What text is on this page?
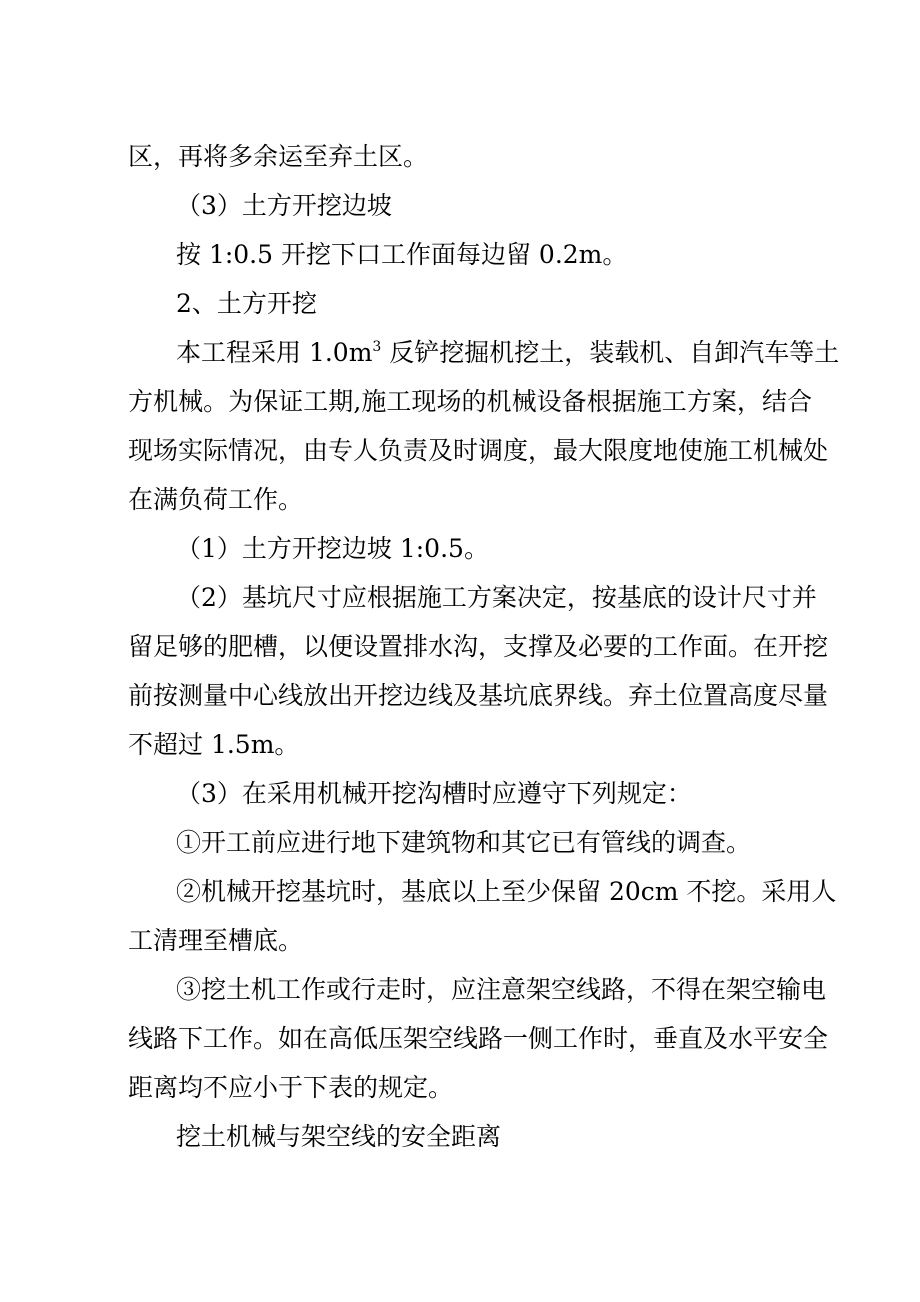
区，再将多余运至弃土区。
（3）土方开挖边坡
按 1:0.5 开挖下口工作面每边留 0.2m。
2、土方开挖
本工程采用 $1.0m^3$ 反铲挖掘机挖土，装载机、自卸汽车等土
方机械。为保证工期,施工现场的机械设备根据施工方案，结合
现场实际情况，由专人负责及时调度，最大限度地使施工机械处
在满负荷工作。
（1）土方开挖边坡 1:0.5。
（2）基坑尺寸应根据施工方案决定，按基底的设计尺寸并
留足够的肥槽，以便设置排水沟，支撑及必要的工作面。在开挖
前按测量中心线放出开挖边线及基坑底界线。弃土位置高度尽量
不超过 1.5m。
（3）在采用机械开挖沟槽时应遵守下列规定：
①开工前应进行地下建筑物和其它已有管线的调查。
②机械开挖基坑时，基底以上至少保留 20cm 不挖。采用人
工清理至槽底。
③挖土机工作或行走时，应注意架空线路，不得在架空输电
线路下工作。如在高低压架空线路一侧工作时，垂直及水平安全
距离均不应小于下表的规定。
挖土机械与架空线的安全距离
